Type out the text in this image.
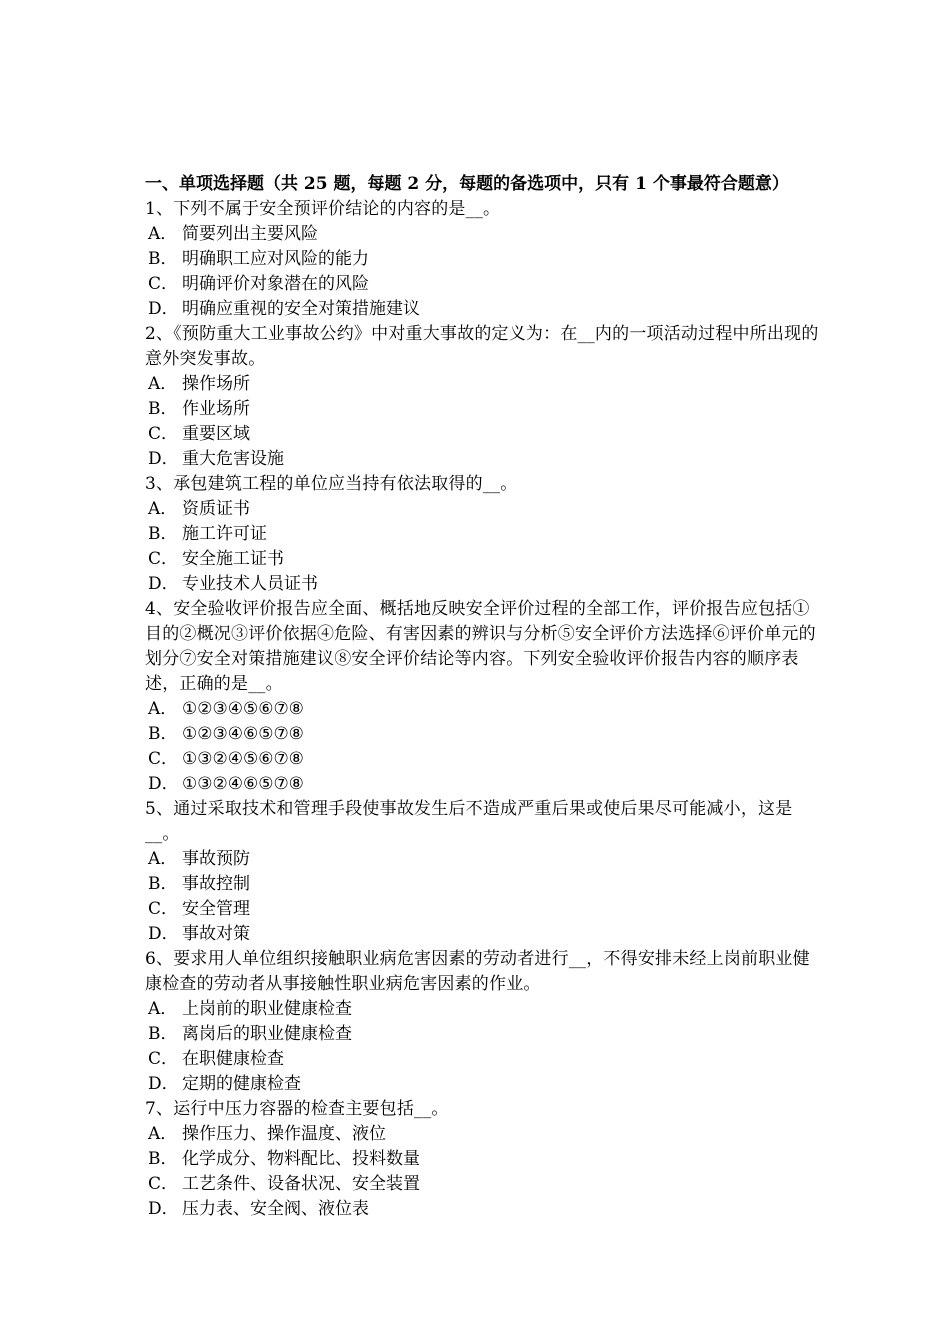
一、单项选择题（共 25 题，每题 2 分，每题的备选项中，只有 1 个事最符合题意）
1、下列不属于安全预评价结论的内容的是__。
A． 简要列出主要风险
B． 明确职工应对风险的能力
C． 明确评价对象潜在的风险
D． 明确应重视的安全对策措施建议
2、《预防重大工业事故公约》中对重大事故的定义为：在__内的一项活动过程中所出现的意外突发事故。
A． 操作场所
B． 作业场所
C． 重要区域
D． 重大危害设施
3、承包建筑工程的单位应当持有依法取得的__。
A． 资质证书
B． 施工许可证
C． 安全施工证书
D． 专业技术人员证书
4、安全验收评价报告应全面、概括地反映安全评价过程的全部工作，评价报告应包括①目的②概况③评价依据④危险、有害因素的辨识与分析⑤安全评价方法选择⑥评价单元的划分⑦安全对策措施建议⑧安全评价结论等内容。下列安全验收评价报告内容的顺序表述，正确的是__。
A． ①②③④⑤⑥⑦⑧
B． ①②③④⑥⑤⑦⑧
C． ①③②④⑤⑥⑦⑧
D． ①③②④⑥⑤⑦⑧
5、通过采取技术和管理手段使事故发生后不造成严重后果或使后果尽可能减小，这是__。
A． 事故预防
B． 事故控制
C． 安全管理
D． 事故对策
6、要求用人单位组织接触职业病危害因素的劳动者进行__，不得安排未经上岗前职业健康检查的劳动者从事接触性职业病危害因素的作业。
A． 上岗前的职业健康检查
B． 离岗后的职业健康检查
C． 在职健康检查
D． 定期的健康检查
7、运行中压力容器的检查主要包括__。
A． 操作压力、操作温度、液位
B． 化学成分、物料配比、投料数量
C． 工艺条件、设备状况、安全装置
D． 压力表、安全阀、液位表
